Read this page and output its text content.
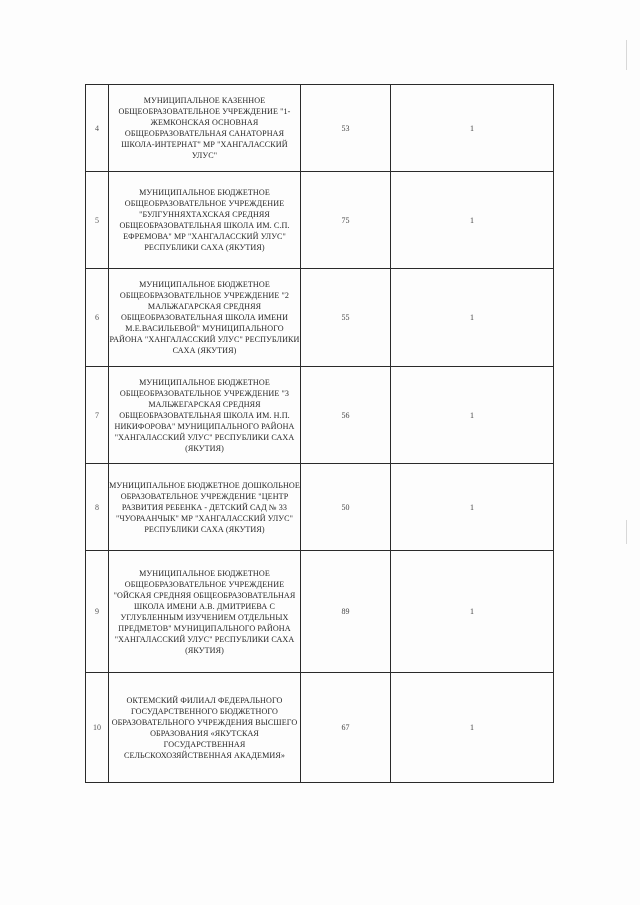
4	МУНИЦИПАЛЬНОЕ КАЗЕННОЕ ОБЩЕОБРАЗОВАТЕЛЬНОЕ УЧРЕЖДЕНИЕ "1-ЖЕМКОНСКАЯ ОСНОВНАЯ ОБЩЕОБРАЗОВАТЕЛЬНАЯ САНАТОРНАЯ ШКОЛА-ИНТЕРНАТ" МР "ХАНГАЛАССКИЙ УЛУС"	53	1
5	МУНИЦИПАЛЬНОЕ БЮДЖЕТНОЕ ОБЩЕОБРАЗОВАТЕЛЬНОЕ УЧРЕЖДЕНИЕ "БУЛГУННЯХТАХСКАЯ СРЕДНЯЯ ОБЩЕОБРАЗОВАТЕЛЬНАЯ ШКОЛА ИМ. С.П. ЕФРЕМОВА" МР "ХАНГАЛАССКИЙ УЛУС" РЕСПУБЛИКИ САХА (ЯКУТИЯ)	75	1
6	МУНИЦИПАЛЬНОЕ БЮДЖЕТНОЕ ОБЩЕОБРАЗОВАТЕЛЬНОЕ УЧРЕЖДЕНИЕ "2 МАЛЬЖАГАРСКАЯ СРЕДНЯЯ ОБЩЕОБРАЗОВАТЕЛЬНАЯ ШКОЛА ИМЕНИ М.Е.ВАСИЛЬЕВОЙ" МУНИЦИПАЛЬНОГО РАЙОНА "ХАНГАЛАССКИЙ УЛУС" РЕСПУБЛИКИ САХА (ЯКУТИЯ)	55	1
7	МУНИЦИПАЛЬНОЕ БЮДЖЕТНОЕ ОБЩЕОБРАЗОВАТЕЛЬНОЕ УЧРЕЖДЕНИЕ "3 МАЛЬЖЕГАРСКАЯ СРЕДНЯЯ ОБЩЕОБРАЗОВАТЕЛЬНАЯ ШКОЛА ИМ. Н.П. НИКИФОРОВА" МУНИЦИПАЛЬНОГО РАЙОНА "ХАНГАЛАССКИЙ УЛУС" РЕСПУБЛИКИ САХА (ЯКУТИЯ)	56	1
8	МУНИЦИПАЛЬНОЕ БЮДЖЕТНОЕ ДОШКОЛЬНОЕ ОБРАЗОВАТЕЛЬНОЕ УЧРЕЖДЕНИЕ "ЦЕНТР РАЗВИТИЯ РЕБЕНКА - ДЕТСКИЙ САД № 33 "ЧУОРААНЧЫК" МР "ХАНГАЛАССКИЙ УЛУС" РЕСПУБЛИКИ САХА (ЯКУТИЯ)	50	1
9	МУНИЦИПАЛЬНОЕ БЮДЖЕТНОЕ ОБЩЕОБРАЗОВАТЕЛЬНОЕ УЧРЕЖДЕНИЕ "ОЙСКАЯ СРЕДНЯЯ ОБЩЕОБРАЗОВАТЕЛЬНАЯ ШКОЛА ИМЕНИ А.В. ДМИТРИЕВА С УГЛУБЛЕННЫМ ИЗУЧЕНИЕМ ОТДЕЛЬНЫХ ПРЕДМЕТОВ" МУНИЦИПАЛЬНОГО РАЙОНА "ХАНГАЛАССКИЙ УЛУС" РЕСПУБЛИКИ САХА (ЯКУТИЯ)	89	1
10	ОКТЕМСКИЙ ФИЛИАЛ ФЕДЕРАЛЬНОГО ГОСУДАРСТВЕННОГО БЮДЖЕТНОГО ОБРАЗОВАТЕЛЬНОГО УЧРЕЖДЕНИЯ ВЫСШЕГО ОБРАЗОВАНИЯ «ЯКУТСКАЯ ГОСУДАРСТВЕННАЯ СЕЛЬСКОХОЗЯЙСТВЕННАЯ АКАДЕМИЯ»	67	1
